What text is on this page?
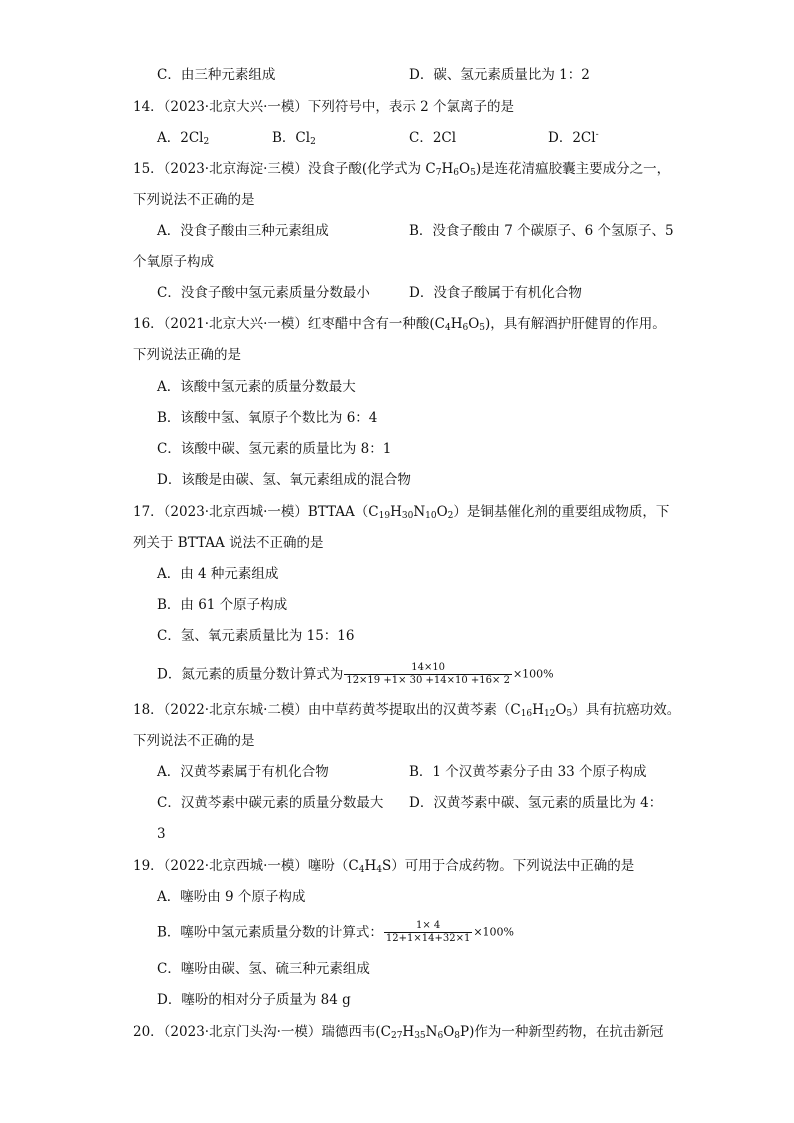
C．由三种元素组成	D．碳、氢元素质量比为 1：2
14．（2023·北京大兴·一模）下列符号中，表示 2 个氯离子的是
A．$2Cl_2$	B．$Cl_2$	C．2Cl	D．2Cl-
15．（2023·北京海淀·三模）没食子酸(化学式为 $C_7H_6O_5$)是连花清瘟胶囊主要成分之一，
下列说法不正确的是
A．没食子酸由三种元素组成	B．没食子酸由 7 个碳原子、6 个氢原子、5
个氧原子构成
C．没食子酸中氢元素质量分数最小	D．没食子酸属于有机化合物
16．（2021·北京大兴·一模）红枣醋中含有一种酸$(C_4H_6O_5)$，具有解酒护肝健胃的作用。
下列说法正确的是
A．该酸中氢元素的质量分数最大
B．该酸中氢、氧原子个数比为 6：4
C．该酸中碳、氢元素的质量比为 8：1
D．该酸是由碳、氢、氧元素组成的混合物
17．（2023·北京西城·一模）$BTTAA(C_{19}H_{30}N_{10}O_2)$是铜基催化剂的重要组成物质，下
列关于 BTTAA 说法不正确的是
A．由 4 种元素组成
B．由 61 个原子构成
C．氢、氧元素质量比为 15：16
D．氮元素的质量分数计算式为 $\frac{14\times 10}{12\times 19 +1\times 30 +14\times 10 +16\times 2} \times 100\%$
18．（2022·北京东城·二模）由中草药黄芩提取出的汉黄芩素$(C_{16}H_{12}O_5)$具有抗癌功效。
下列说法不正确的是
A．汉黄芩素属于有机化合物	B．1 个汉黄芩素分子由 33 个原子构成
C．汉黄芩素中碳元素的质量分数最大 D．汉黄芩素中碳、氢元素的质量比为 4：
3
19．（2022·北京西城·一模）噻吩$(C_4H_4S)$可用于合成药物。下列说法中正确的是
A．噻吩由 9 个原子构成
B．噻吩中氢元素质量分数的计算式： $\frac{1\times 4}{12+1\times 14+32\times 1} \times 100\%$
C．噻吩由碳、氢、硫三种元素组成
D．噻吩的相对分子质量为 84 g
20．（2023·北京门头沟·一模）瑞德西韦$(C_{27}H_{35}N_6O_8P)$作为一种新型药物，在抗击新冠
